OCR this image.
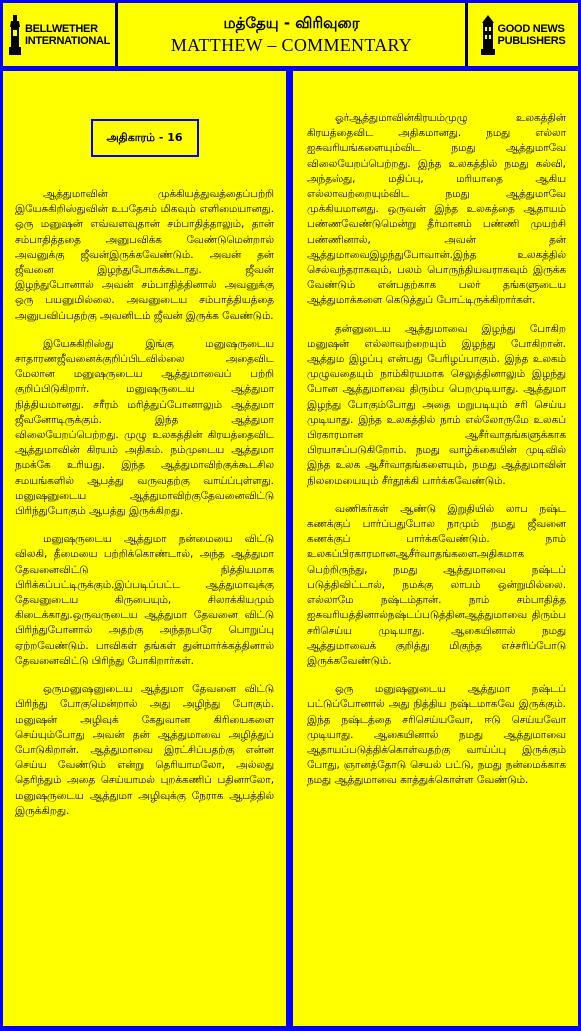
BELLWETHER
INTERNATIONAL
மத்தேயு - விரிவுரை
MATTHEW – COMMENTARY
GOOD NEWS
PUBLISHERS
அதிகாரம் - 16

ஆத்துமாவின் முக்கியத்துவத்தைப்பற்றி இயேசுகிறிஸ்துவின் உபதேசம் மிகவும் எளிமையானது. ஒரு மனுஷன் எவ்வளவுதான் சம்பாதித்தாலும், தான் சம்பாதித்ததை அனுபவிக்க வேண்டுமென்றால் அவனுக்கு ஜீவன்இருக்கவேண்டும். அவன் தன் ஜீவனை இழந்துபோகக்கூடாது. ஜீவன் இழந்துபோனால் அவன் சம்பாதித்தினால் அவனுக்கு ஒரு பயனுமில்லை. அவனுடைய சம்பாத்தியத்தை அனுபவிப்பதற்கு அவனிடம் ஜீவன் இருக்க வேண்டும்.

இயேசுகிறிஸ்து இங்கு மனுஷருடைய சாதாரணஜீவனைக்குறிப்பிடவில்லை அதைவிட மேலான மனுஷருடைய ஆத்துமாவைப் பற்றி குறிப்பிடுகிறார். மனுஷருடைய ஆத்துமா நித்தியமானது. சரீரம் மரித்துப்போனாலும் ஆத்துமா ஜீவனோடிருக்கும். இந்த ஆத்துமா விலையேறப்பெற்றது. முழு உலகத்தின் கிரயத்தைவிட ஆத்துமாவின் கிரயம் அதிகம். நம்முடைய ஆத்துமா நமக்கே உரியது. இந்த ஆத்துமாவிற்குக்கூடசில சமயங்களில் ஆபத்து வருவதற்கு வாய்ப்புள்ளது. மனுஷனுடைய ஆத்துமாவிற்குதேவனைவிட்டு பிரிந்துபோகும் ஆபத்து இருக்கிறது.

மனுஷருடைய ஆத்துமா நன்மையை விட்டு விலகி, தீமையை பற்றிக்கொண்டால், அந்த ஆத்துமா தேவனைவிட்டு நித்தியமாக பிரிக்கப்பட்டிருக்கும்.இப்படிப்பட்ட ஆத்துமாவுக்கு தேவனுடைய கிருபையும், சிலாக்கியமும் கிடைக்காது.ஒருவருடைய ஆத்துமா தேவனை விட்டு பிரிந்துபோனால் அதற்கு அந்தநபரே பொறுப்பு ஏற்றவேண்டும். பாவிகள் தங்கள் துன்மார்க்கத்தினால் தேவனைவிட்டு பிரிந்து போகிறார்கள்.

ஒருமனுஷனுடைய ஆத்துமா தேவனை விட்டு பிரிந்து போகுமென்றால் அது அழிந்து போகும். மனுஷன் அழிவுக் கேதுவான கிரியைகளை செய்யும்போது அவன் தன் ஆத்துமாவை அழித்துப் போடுகிறான். ஆத்துமாவை இரட்சிப்பதற்கு என்ன செய்ய வேண்டும் என்று தெரியாமலோ, அல்லது தெரிந்தும் அதை செய்யாமல் புறக்கணிப் பதினாலோ, மனுஷருடைய ஆத்துமா அழிவுக்கு நேராக ஆபத்தில் இருக்கிறது.

ஓர்ஆத்துமாவின்கிரயம்முழு உலகத்தின் கிரயத்தைவிட அதிகமானது. நமது எல்லா ஐசுவரியங்களையும்விட நமது ஆத்துமாவே விலையேறப்பெற்றது. இந்த உலகத்தில் நமது கல்வி, அந்தஸ்து, மதிப்பு, மரியாதை ஆகிய எல்லாவற்றையும்விட நமது ஆத்துமாவே முக்கியமானது. ஒருவன் இந்த உலகத்தை ஆதாயம் பண்ணவேண்டுமென்று தீர்மானம் பண்ணி முயற்சி பண்ணினால், அவன் தன் ஆத்துமாவைஇழந்துபோவான்.இந்த உலகத்தில் செல்வந்தராகவும், பலம் பொருந்தியவராகவும் இருக்க வேண்டும் என்பதற்காக பலர் தங்களுடைய ஆத்துமாக்களை கெடுத்துப் போட்டிருக்கிறார்கள்.

தன்னுடைய ஆத்துமாவை இழந்து போகிற மனுஷன் எல்லாவற்றையும் இழந்து போகிறான். ஆத்தும இழப்பு என்பது பேரிழப்பாகும். இந்த உலகம் முழுவதையும் நாம்கிரயமாக செலுத்தினாலும் இழந்து போன ஆத்துமாவை திரும்ப பெறமுடியாது. ஆத்துமா இழந்து போகும்போது அதை மறுபடியும் சரி செய்ய முடியாது. இந்த உலகத்தில் நாம் எல்லோருமே உலகப் பிரகாரமான ஆசீர்வாதங்களுக்காக பிரயாசப்படுகிறோம். நமது வாழ்க்கையின் முடிவில் இந்த உலக ஆசீர்வாதங்களையும், நமது ஆத்துமாவின் நிலமையையும் சீர்தூக்கி பார்க்கவேண்டும்.

வணிகர்கள் ஆண்டு இறுதியில் லாப நஷ்ட கணக்குப் பார்ப்பதுபோல நாமும் நமது ஜீவனை கணக்குப் பார்க்கவேண்டும். நாம் உலகப்பிரகாரமானஆசீர்வாதங்களைஅதிகமாக பெற்றிருந்து, நமது ஆத்துமாவை நஷ்டப் படுத்திவிட்டால், நமக்கு லாபம் ஒன்றுமில்லை. எல்லாமே நஷ்டம்தான். நாம் சம்பாதித்த ஐசுவரியத்தினால்நஷ்டப்படுத்தினஆத்துமாவை திரும்ப சரிசெய்ய முடியாது. ஆகையினால் நமது ஆத்துமாவைக் குறித்து மிகுந்த எச்சரிப்போடு இருக்கவேண்டும்.

ஒரு மனுஷனுடைய ஆத்துமா நஷ்டப் பட்டுப்போனால் அது நித்திய நஷ்டமாகவே இருக்கும். இந்த நஷ்டத்தை சரிசெய்யவோ, ஈடு செய்யவோ முடியாது. ஆகையினால் நமது ஆத்துமாவை ஆதாயப்படுத்திக்கொள்வதற்கு வாய்ப்பு இருக்கும் போது, ஞானத்தோடு செயல் பட்டு, நமது நன்மைக்காக நமது ஆத்துமாவை காத்துக்கொள்ள வேண்டும்.
